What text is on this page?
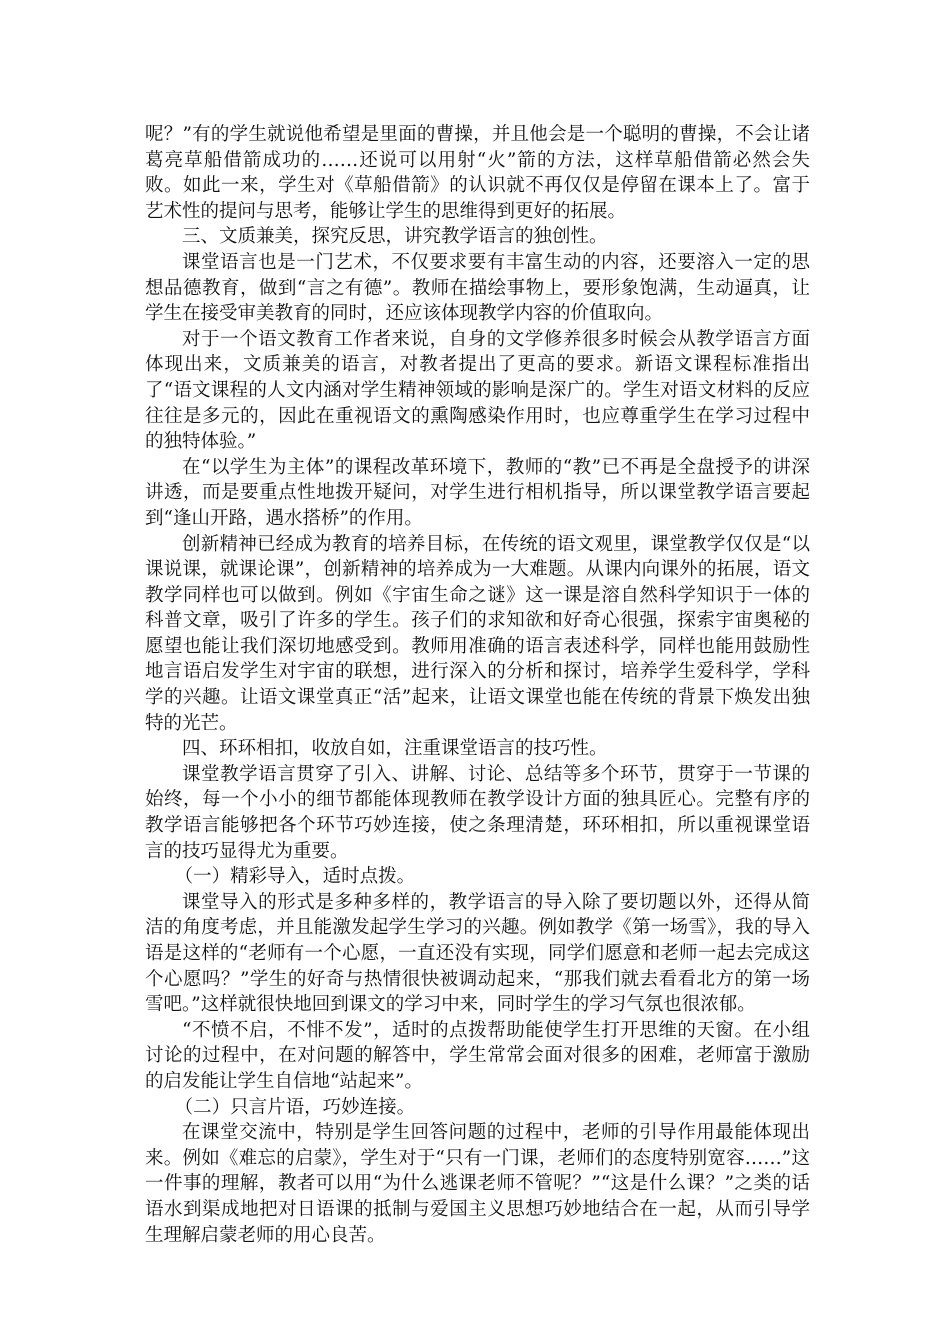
呢？”有的学生就说他希望是里面的曹操，并且他会是一个聪明的曹操，不会让诸葛亮草船借箭成功的……还说可以用射“火”箭的方法，这样草船借箭必然会失败。如此一来，学生对《草船借箭》的认识就不再仅仅是停留在课本上了。富于艺术性的提问与思考，能够让学生的思维得到更好的拓展。

三、文质兼美，探究反思，讲究教学语言的独创性。

课堂语言也是一门艺术，不仅要求要有丰富生动的内容，还要溶入一定的思想品德教育，做到“言之有德”。教师在描绘事物上，要形象饱满，生动逼真，让学生在接受审美教育的同时，还应该体现教学内容的价值取向。

对于一个语文教育工作者来说，自身的文学修养很多时候会从教学语言方面体现出来，文质兼美的语言，对教者提出了更高的要求。新语文课程标准指出了“语文课程的人文内涵对学生精神领域的影响是深广的。学生对语文材料的反应往往是多元的，因此在重视语文的熏陶感染作用时，也应尊重学生在学习过程中的独特体验。”

在“以学生为主体”的课程改革环境下，教师的“教”已不再是全盘授予的讲深讲透，而是要重点性地拨开疑问，对学生进行相机指导，所以课堂教学语言要起到“逢山开路，遇水搭桥”的作用。

创新精神已经成为教育的培养目标，在传统的语文观里，课堂教学仅仅是“以课说课，就课论课”，创新精神的培养成为一大难题。从课内向课外的拓展，语文教学同样也可以做到。例如《宇宙生命之谜》这一课是溶自然科学知识于一体的科普文章，吸引了许多的学生。孩子们的求知欲和好奇心很强，探索宇宙奥秘的愿望也能让我们深切地感受到。教师用准确的语言表述科学，同样也能用鼓励性地言语启发学生对宇宙的联想，进行深入的分析和探讨，培养学生爱科学，学科学的兴趣。让语文课堂真正“活”起来，让语文课堂也能在传统的背景下焕发出独特的光芒。

四、环环相扣，收放自如，注重课堂语言的技巧性。

课堂教学语言贯穿了引入、讲解、讨论、总结等多个环节，贯穿于一节课的始终，每一个小小的细节都能体现教师在教学设计方面的独具匠心。完整有序的教学语言能够把各个环节巧妙连接，使之条理清楚，环环相扣，所以重视课堂语言的技巧显得尤为重要。

（一）精彩导入，适时点拨。

课堂导入的形式是多种多样的，教学语言的导入除了要切题以外，还得从简洁的角度考虑，并且能激发起学生学习的兴趣。例如教学《第一场雪》，我的导入语是这样的“老师有一个心愿，一直还没有实现，同学们愿意和老师一起去完成这个心愿吗？”学生的好奇与热情很快被调动起来，“那我们就去看看北方的第一场雪吧。”这样就很快地回到课文的学习中来，同时学生的学习气氛也很浓郁。

“不愤不启，不悱不发”，适时的点拨帮助能使学生打开思维的天窗。在小组讨论的过程中，在对问题的解答中，学生常常会面对很多的困难，老师富于激励的启发能让学生自信地“站起来”。

（二）只言片语，巧妙连接。

在课堂交流中，特别是学生回答问题的过程中，老师的引导作用最能体现出来。例如《难忘的启蒙》，学生对于“只有一门课，老师们的态度特别宽容……”这一件事的理解，教者可以用“为什么逃课老师不管呢？”“这是什么课？”之类的话语水到渠成地把对日语课的抵制与爱国主义思想巧妙地结合在一起，从而引导学生理解启蒙老师的用心良苦。
